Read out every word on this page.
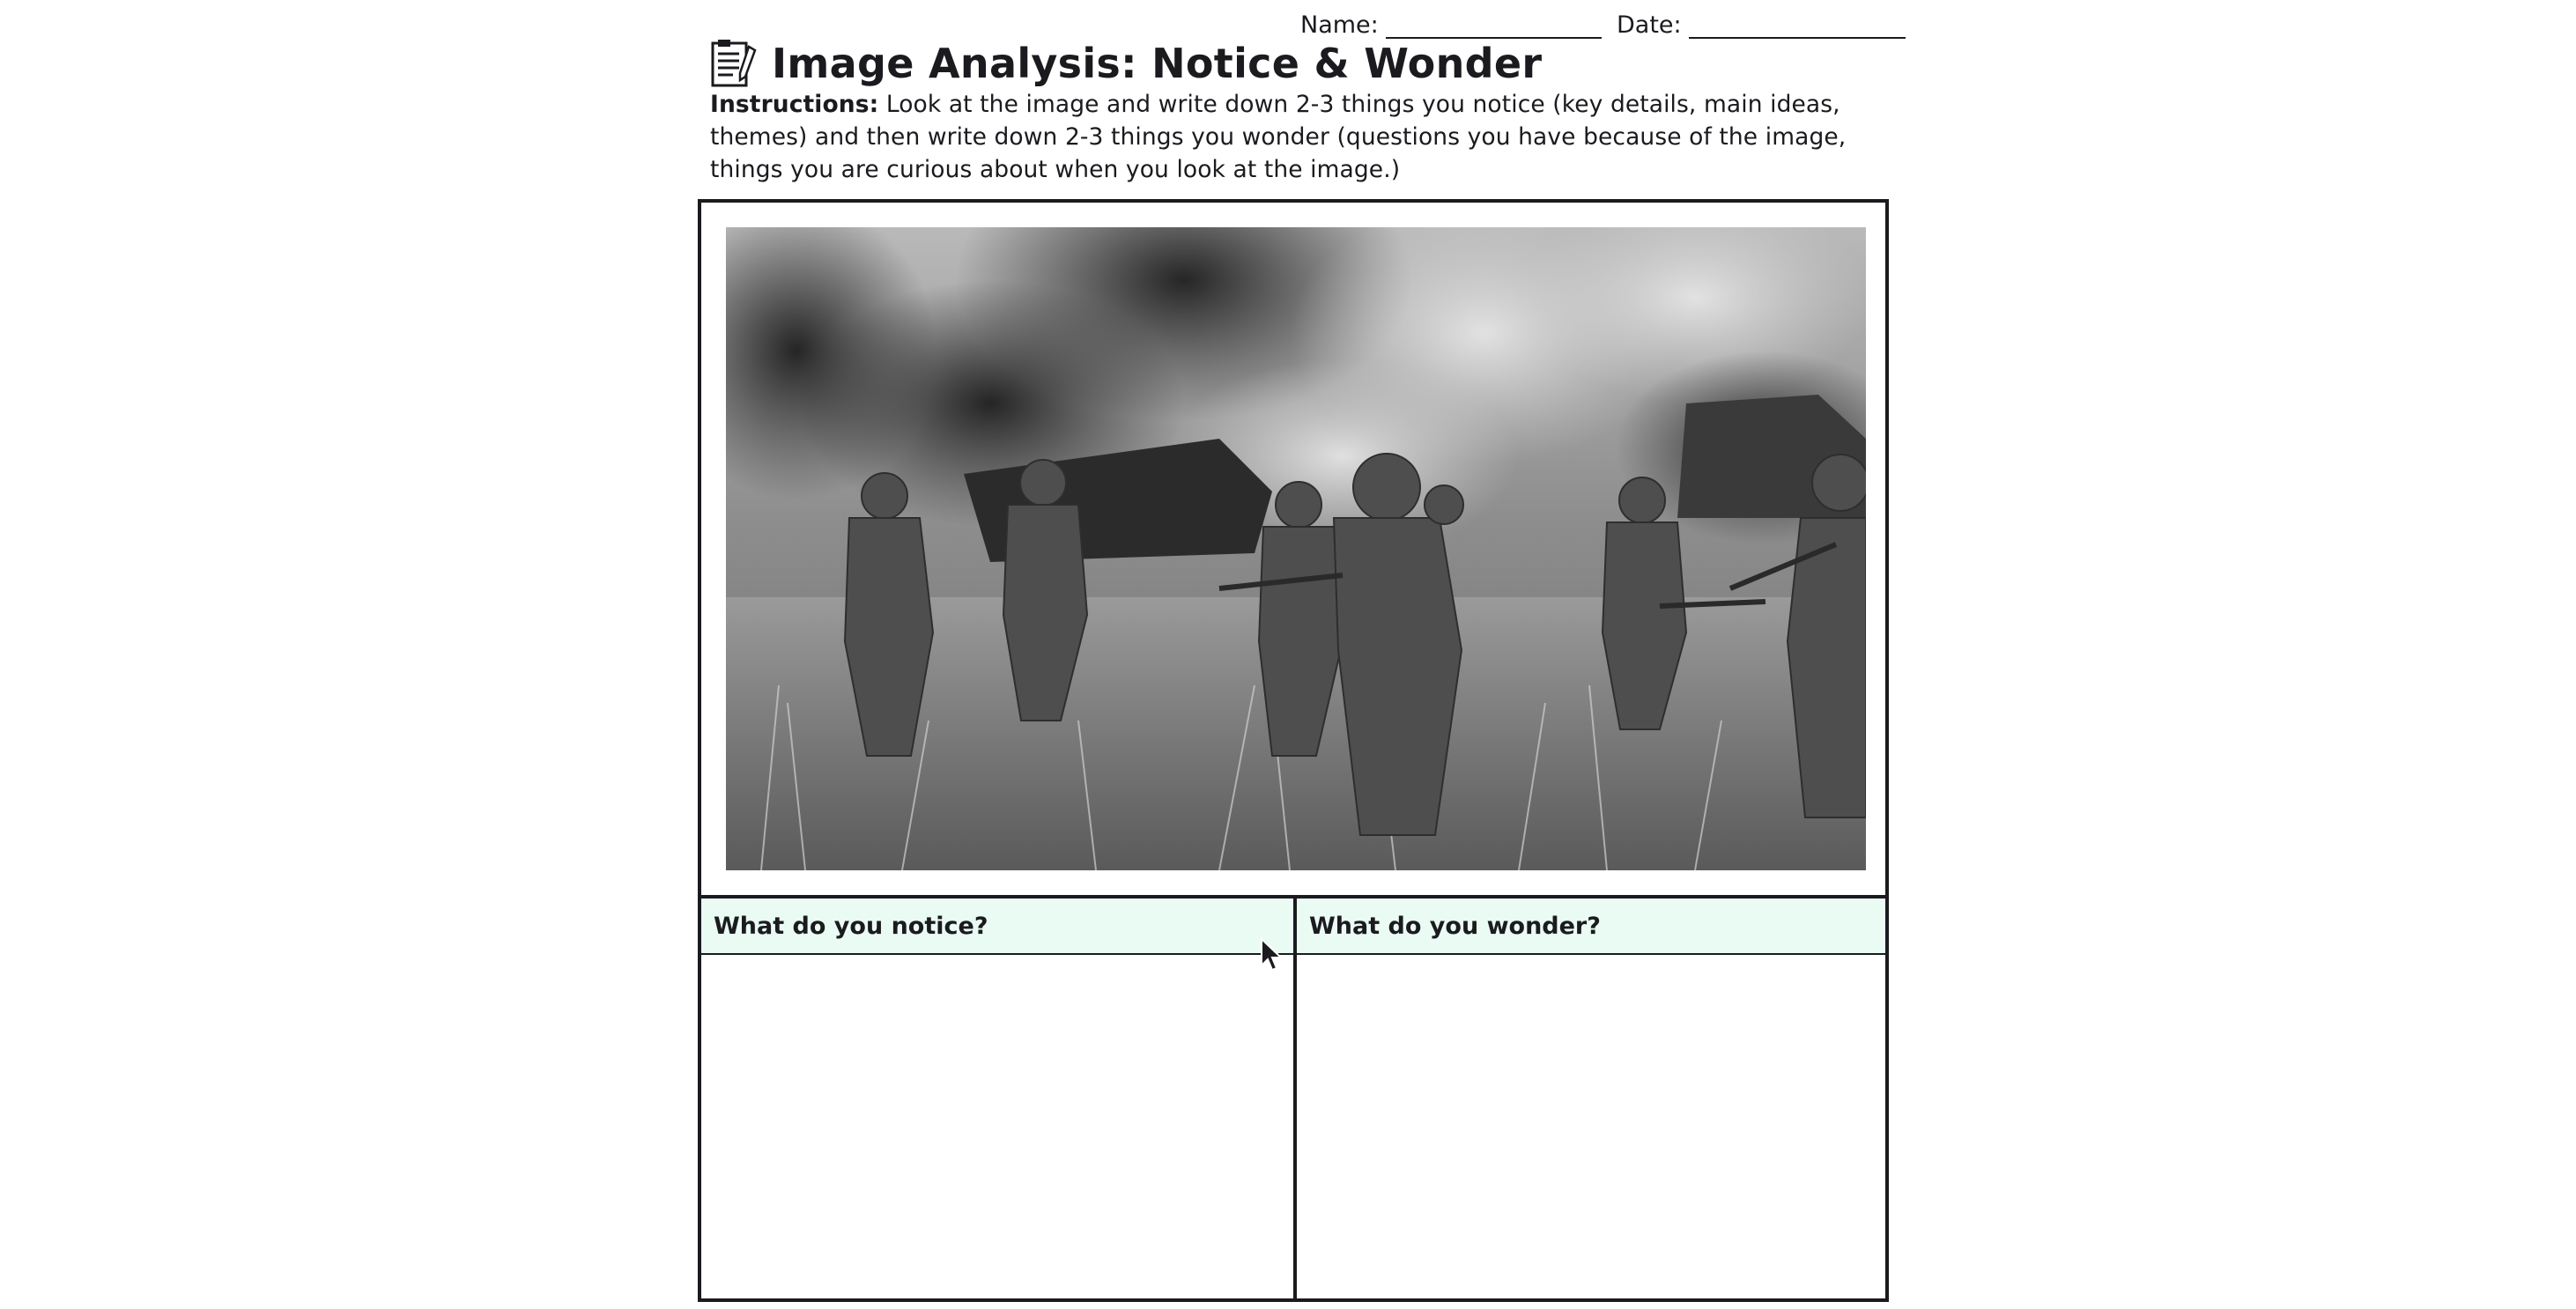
Name:	Date:
Image Analysis: Notice & Wonder
Instructions: Look at the image and write down 2-3 things you notice (key details, main ideas, themes) and then write down 2-3 things you wonder (questions you have because of the image, things you are curious about when you look at the image.)
What do you notice?	What do you wonder?
